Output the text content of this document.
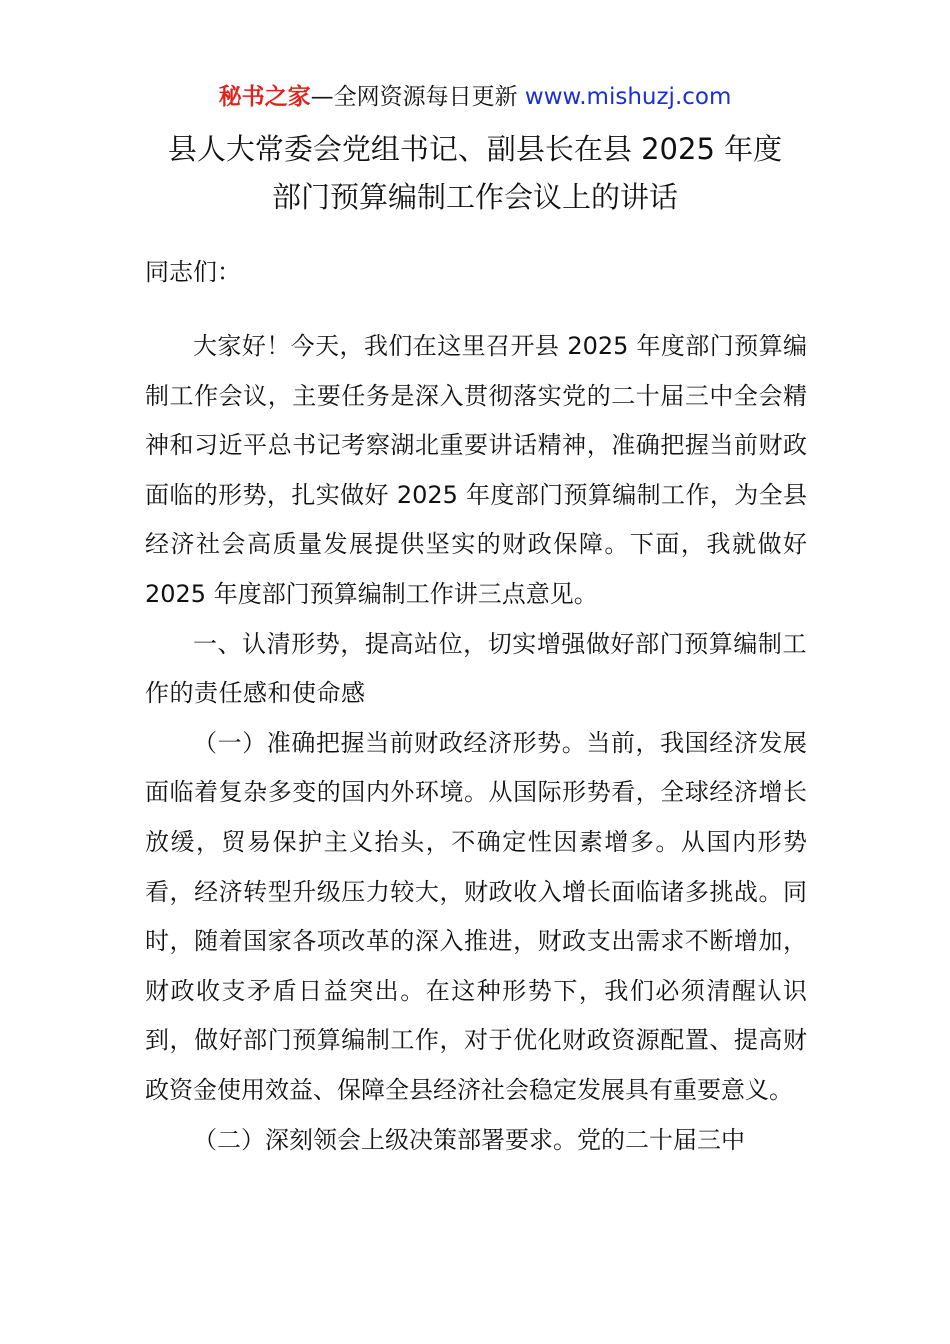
秘书之家—全网资源每日更新 www.mishuzj.com
县人大常委会党组书记、副县长在县 2025 年度
部门预算编制工作会议上的讲话
同志们：

大家好！今天，我们在这里召开县 2025 年度部门预算编制工作会议，主要任务是深入贯彻落实党的二十届三中全会精神和习近平总书记考察湖北重要讲话精神，准确把握当前财政面临的形势，扎实做好 2025 年度部门预算编制工作，为全县经济社会高质量发展提供坚实的财政保障。下面，我就做好 2025 年度部门预算编制工作讲三点意见。

一、认清形势，提高站位，切实增强做好部门预算编制工作的责任感和使命感

（一）准确把握当前财政经济形势。当前，我国经济发展面临着复杂多变的国内外环境。从国际形势看，全球经济增长放缓，贸易保护主义抬头，不确定性因素增多。从国内形势看，经济转型升级压力较大，财政收入增长面临诸多挑战。同时，随着国家各项改革的深入推进，财政支出需求不断增加，财政收支矛盾日益突出。在这种形势下，我们必须清醒认识到，做好部门预算编制工作，对于优化财政资源配置、提高财政资金使用效益、保障全县经济社会稳定发展具有重要意义。

（二）深刻领会上级决策部署要求。党的二十届三中
